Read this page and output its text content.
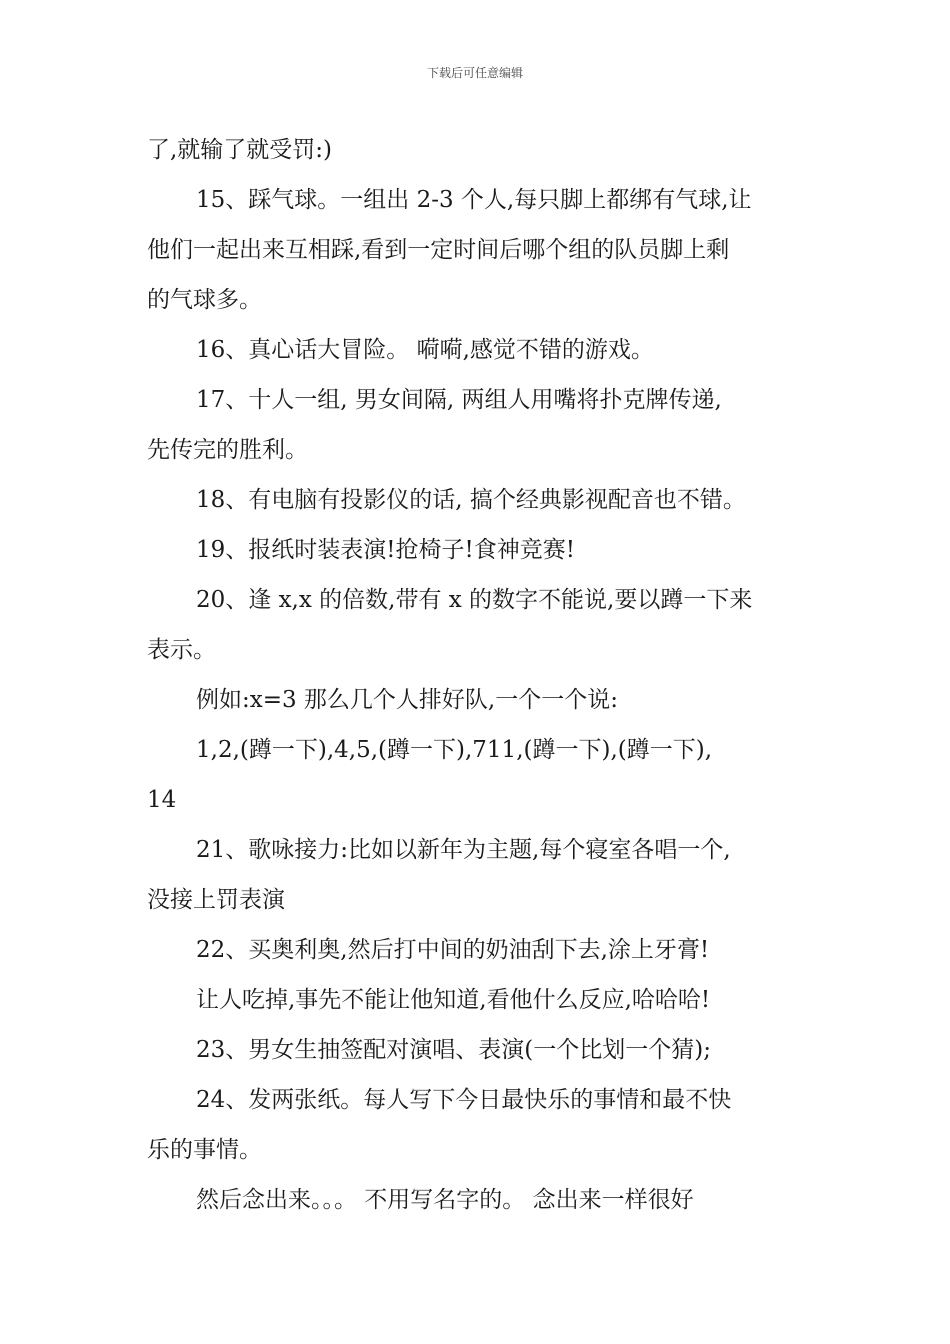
下载后可任意编辑

了,就输了就受罚:)

15、踩气球。一组出 2-3 个人,每只脚上都绑有气球,让

他们一起出来互相踩,看到一定时间后哪个组的队员脚上剩

的气球多。

16、真心话大冒险。 嗬嗬,感觉不错的游戏。

17、十人一组, 男女间隔, 两组人用嘴将扑克牌传递,

先传完的胜利。

18、有电脑有投影仪的话, 搞个经典影视配音也不错。

19、报纸时装表演!抢椅子!食神竞赛!

20、逢 x,x 的倍数,带有 x 的数字不能说,要以蹲一下来

表示。

例如:x=3 那么几个人排好队,一个一个说:

1,2,(蹲一下),4,5,(蹲一下),711,(蹲一下),(蹲一下),

14

21、歌咏接力:比如以新年为主题,每个寝室各唱一个,

没接上罚表演

22、买奥利奥,然后打中间的奶油刮下去,涂上牙膏!

让人吃掉,事先不能让他知道,看他什么反应,哈哈哈!

23、男女生抽签配对演唱、表演(一个比划一个猜);

24、发两张纸。每人写下今日最快乐的事情和最不快

乐的事情。

然后念出来。。。 不用写名字的。 念出来一样很好
